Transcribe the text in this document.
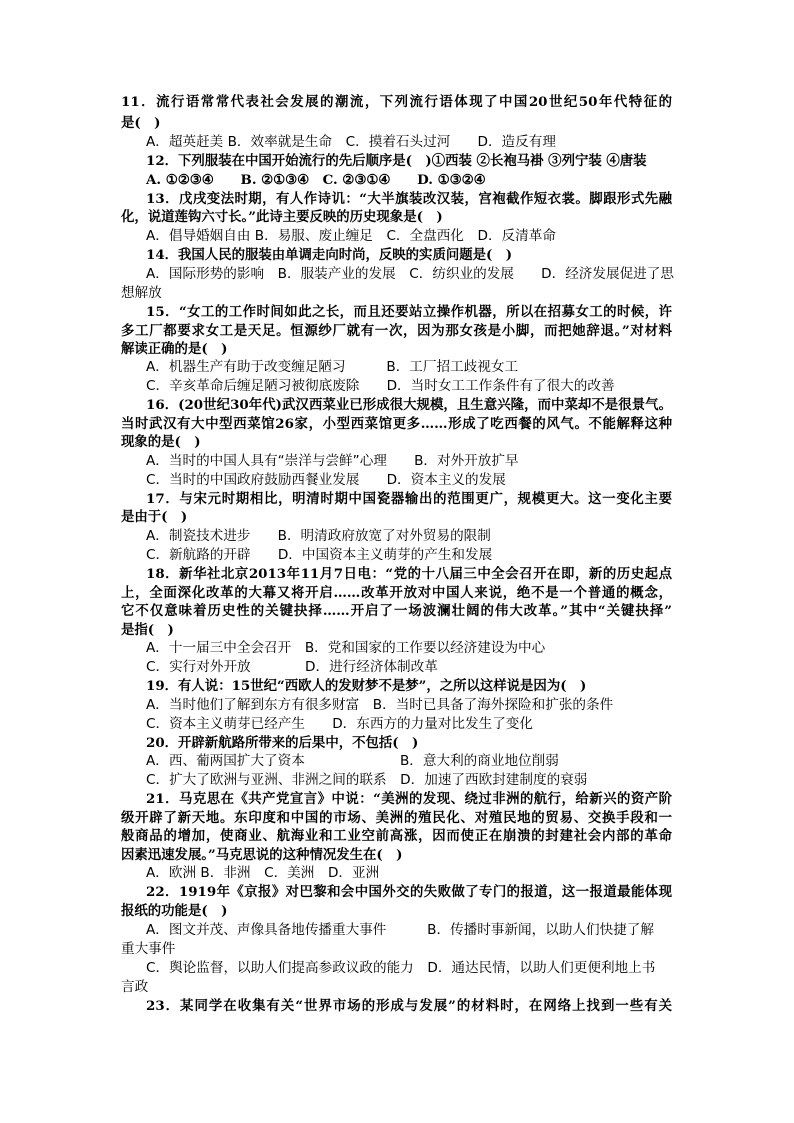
11．流行语常常代表社会发展的潮流，下列流行语体现了中国20世纪50年代特征的
是(　)
A．超英赶美 B．效率就是生命　C．摸着石头过河　　D．造反有理
12．下列服装在中国开始流行的先后顺序是(　)①西装 ②长袍马褂 ③列宁装 ④唐装
A. ①②③④　　B. ②①③④　C. ②③①④　　D. ①③②④
13．戊戌变法时期，有人作诗讥：“大半旗装改汉装，宫袍截作短衣裳。脚跟形式先融
化，说道莲钩六寸长。”此诗主要反映的历史现象是(　)
A．倡导婚姻自由 B．易服、废止缠足　C．全盘西化　D．反清革命
14．我国人民的服装由单调走向时尚，反映的实质问题是(　)
A．国际形势的影响　B．服装产业的发展　C．纺织业的发展　　D．经济发展促进了思
想解放
15．“女工的工作时间如此之长，而且还要站立操作机器，所以在招募女工的时候，许
多工厂都要求女工是天足。恒源纱厂就有一次，因为那女孩是小脚，而把她辞退。”对材料
解读正确的是(　)
A．机器生产有助于改变缠足陋习　　　B．工厂招工歧视女工
C．辛亥革命后缠足陋习被彻底废除　　D．当时女工工作条件有了很大的改善
16．(20世纪30年代)武汉西菜业已形成很大规模，且生意兴隆，而中菜却不是很景气。
当时武汉有大中型西菜馆26家，小型西菜馆更多……形成了吃西餐的风气。不能解释这种
现象的是(　)
A．当时的中国人具有“崇洋与尝鲜”心理　　B．对外开放扩早
C．当时的中国政府鼓励西餐业发展　　D．资本主义的发展
17．与宋元时期相比，明清时期中国瓷器输出的范围更广，规模更大。这一变化主要
是由于(　)
A．制瓷技术进步　　B．明清政府放宽了对外贸易的限制
C．新航路的开辟　　D．中国资本主义萌芽的产生和发展
18．新华社北京2013年11月7日电：“党的十八届三中全会召开在即，新的历史起点
上，全面深化改革的大幕又将开启……改革开放对中国人来说，绝不是一个普通的概念，
它不仅意味着历史性的关键抉择……开启了一场波澜壮阔的伟大改革。”其中“关键抉择”
是指(　)
A．十一届三中全会召开　B．党和国家的工作要以经济建设为中心
C．实行对外开放　　　　D．进行经济体制改革
19．有人说：15世纪“西欧人的发财梦不是梦”，之所以这样说是因为(　)
A．当时他们了解到东方有很多财富　B．当时已具备了海外探险和扩张的条件
C．资本主义萌芽已经产生　　D．东西方的力量对比发生了变化
20．开辟新航路所带来的后果中，不包括(　)
A．西、葡两国扩大了资本　　　　　　　B．意大利的商业地位削弱
C．扩大了欧洲与亚洲、非洲之间的联系　D．加速了西欧封建制度的衰弱
21．马克思在《共产党宣言》中说：“美洲的发现、绕过非洲的航行，给新兴的资产阶
级开辟了新天地。东印度和中国的市场、美洲的殖民化、对殖民地的贸易、交换手段和一
般商品的增加，使商业、航海业和工业空前高涨，因而使正在崩溃的封建社会内部的革命
因素迅速发展。”马克思说的这种情况发生在(　)
A．欧洲 B．非洲　C．美洲　D．亚洲
22．1919年《京报》对巴黎和会中国外交的失败做了专门的报道，这一报道最能体现
报纸的功能是(　)
A．图文并茂、声像具备地传播重大事件　　　B．传播时事新闻，以助人们快捷了解
重大事件
C．舆论监督，以助人们提高参政议政的能力　D．通达民情，以助人们更便利地上书
言政
23．某同学在收集有关“世界市场的形成与发展”的材料时，在网络上找到一些有关
